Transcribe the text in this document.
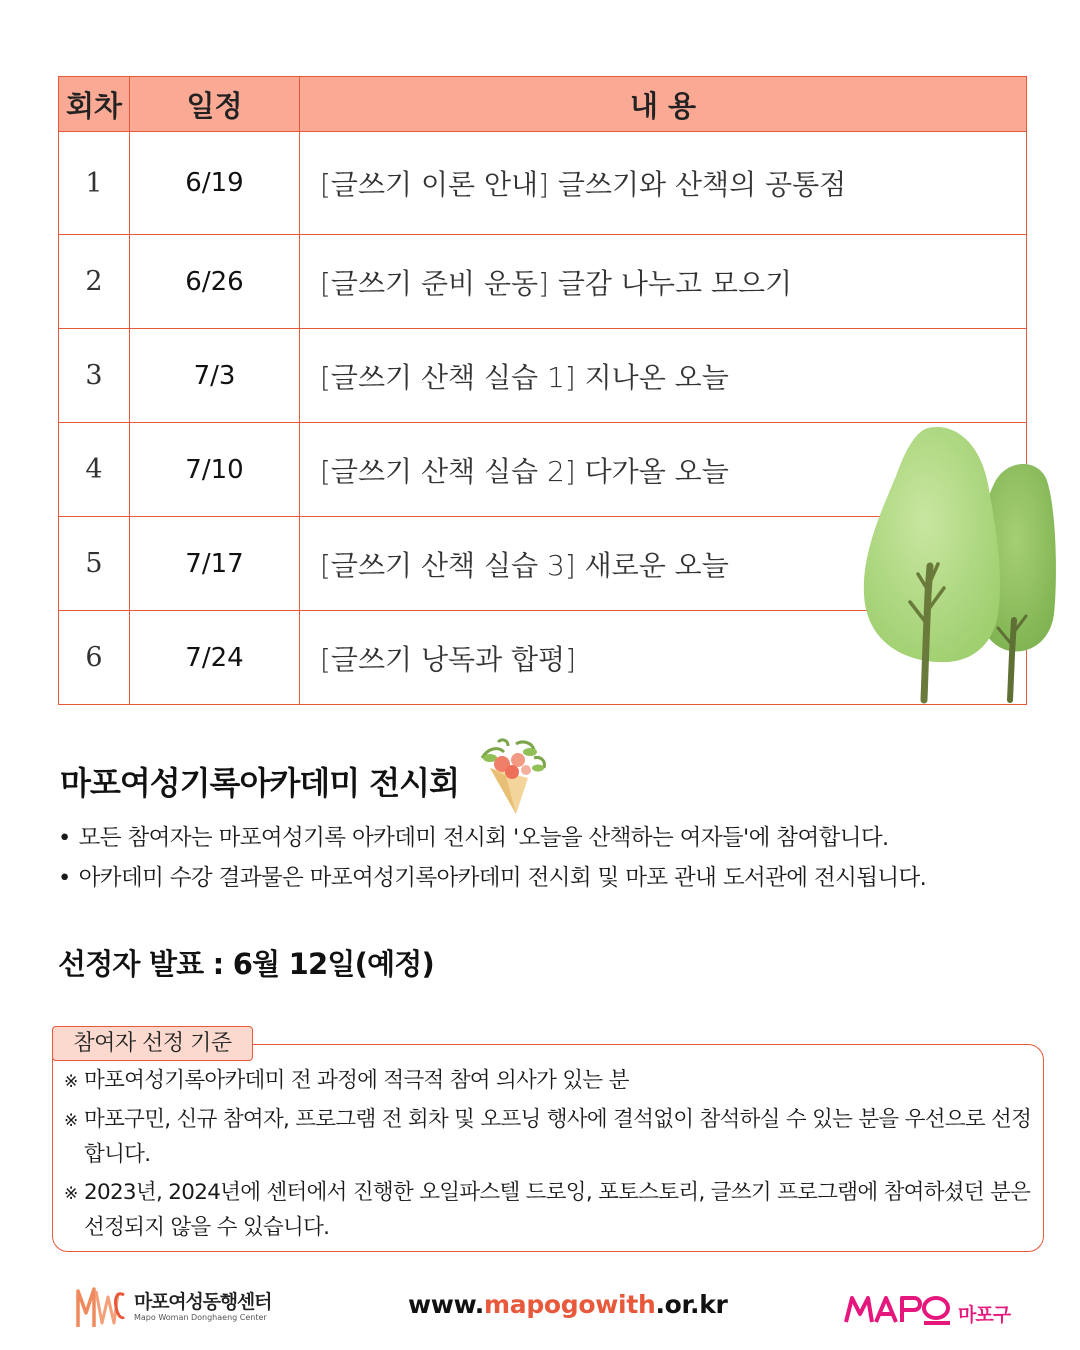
회차	일정	내 용
1	6/19	[글쓰기 이론 안내] 글쓰기와 산책의 공통점
2	6/26	[글쓰기 준비 운동] 글감 나누고 모으기
3	7/3	[글쓰기 산책 실습 1] 지나온 오늘
4	7/10	[글쓰기 산책 실습 2] 다가올 오늘
5	7/17	[글쓰기 산책 실습 3] 새로운 오늘
6	7/24	[글쓰기 낭독과 합평]
마포여성기록아카데미 전시회
• 모든 참여자는 마포여성기록 아카데미 전시회 '오늘을 산책하는 여자들'에 참여합니다.
• 아카데미 수강 결과물은 마포여성기록아카데미 전시회 및 마포 관내 도서관에 전시됩니다.
선정자 발표 : 6월 12일(예정)
참여자 선정 기준
※ 마포여성기록아카데미 전 과정에 적극적 참여 의사가 있는 분
※ 마포구민, 신규 참여자, 프로그램 전 회차 및 오프닝 행사에 결석없이 참석하실 수 있는 분을 우선으로 선정합니다.
※ 2023년, 2024년에 센터에서 진행한 오일파스텔 드로잉, 포토스토리, 글쓰기 프로그램에 참여하셨던 분은 선정되지 않을 수 있습니다.
마포여성동행센터
Mapo Woman Donghaeng Center	www.mapogowith.or.kr	마포구
